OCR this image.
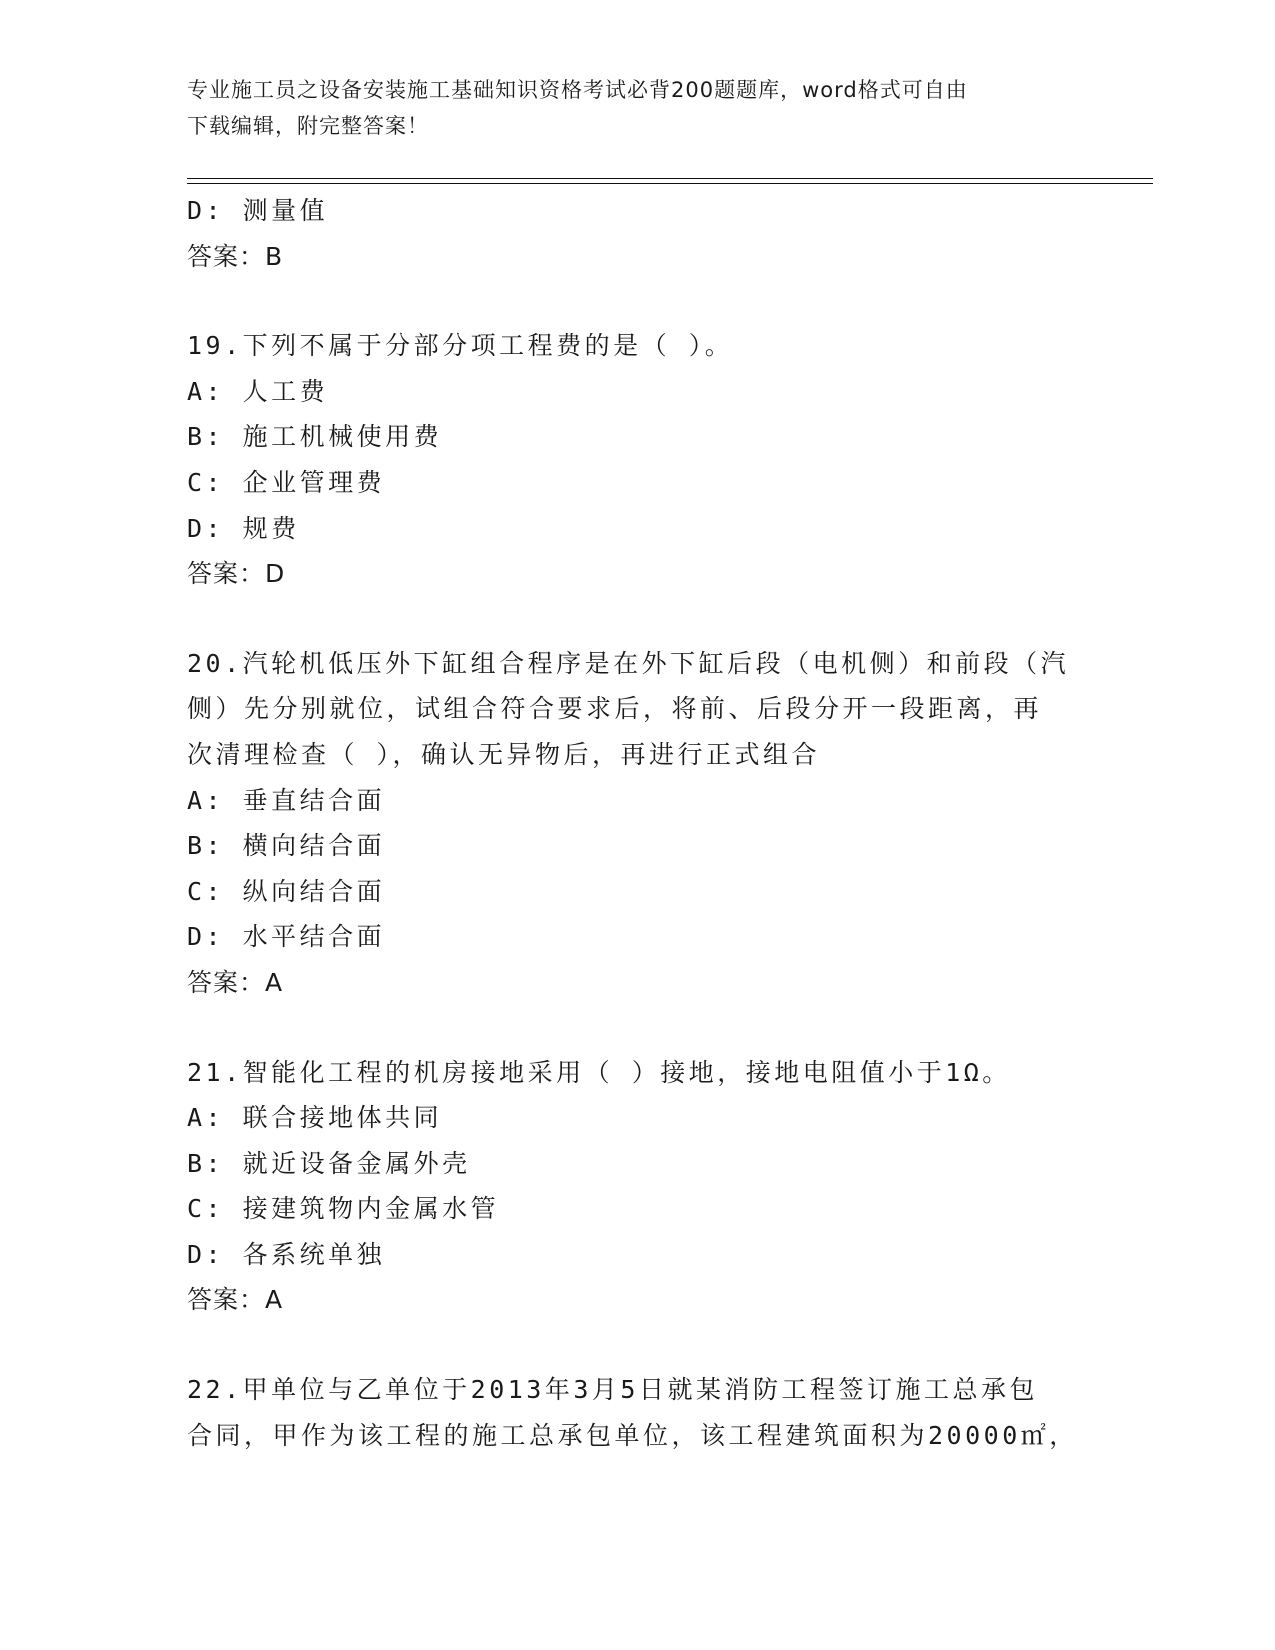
专业施工员之设备安装施工基础知识资格考试必背200题题库，word格式可自由
下载编辑，附完整答案！
D: 测量值
答案：B
19.下列不属于分部分项工程费的是（ ）。
A: 人工费
B: 施工机械使用费
C: 企业管理费
D: 规费
答案：D
20.汽轮机低压外下缸组合程序是在外下缸后段（电机侧）和前段（汽
侧）先分别就位，试组合符合要求后，将前、后段分开一段距离，再
次清理检查（ ），确认无异物后，再进行正式组合
A: 垂直结合面
B: 横向结合面
C: 纵向结合面
D: 水平结合面
答案：A
21.智能化工程的机房接地采用（ ）接地，接地电阻值小于1Ω。
A: 联合接地体共同
B: 就近设备金属外壳
C: 接建筑物内金属水管
D: 各系统单独
答案：A
22.甲单位与乙单位于2013年3月5日就某消防工程签订施工总承包
合同，甲作为该工程的施工总承包单位，该工程建筑面积为20000㎡，
